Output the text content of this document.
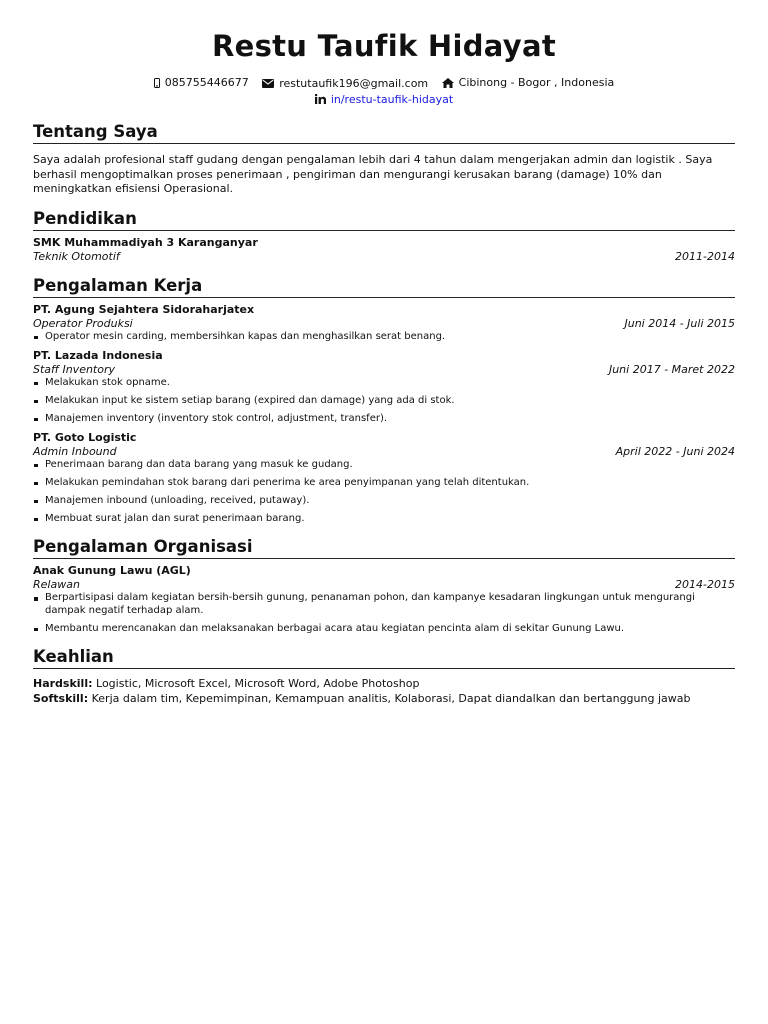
Restu Taufik Hidayat
085755446677
	restutaufik196@gmail.com
	Cibinong - Bogor , Indonesia
in/restu-taufik-hidayat
Tentang Saya
Saya adalah profesional staff gudang dengan pengalaman lebih dari 4 tahun dalam mengerjakan admin dan logistik . Saya berhasil mengoptimalkan proses penerimaan , pengiriman dan mengurangi kerusakan barang (damage) 10% dan meningkatkan efisiensi Operasional.
Pendidikan
SMK Muhammadiyah 3 Karanganyar
Teknik Otomotif	2011-2014
Pengalaman Kerja
PT. Agung Sejahtera Sidoraharjatex
Operator Produksi	Juni 2014 - Juli 2015
Operator mesin carding, membersihkan kapas dan menghasilkan serat benang.
PT. Lazada Indonesia
Staff Inventory	Juni 2017 - Maret 2022
Melakukan stok opname.
Melakukan input ke sistem setiap barang (expired dan damage) yang ada di stok.
Manajemen inventory (inventory stok control, adjustment, transfer).
PT. Goto Logistic
Admin Inbound	April 2022 - Juni 2024
Penerimaan barang dan data barang yang masuk ke gudang.
Melakukan pemindahan stok barang dari penerima ke area penyimpanan yang telah ditentukan.
Manajemen inbound (unloading, received, putaway).
Membuat surat jalan dan surat penerimaan barang.
Pengalaman Organisasi
Anak Gunung Lawu (AGL)
Relawan	2014-2015
Berpartisipasi dalam kegiatan bersih-bersih gunung, penanaman pohon, dan kampanye kesadaran lingkungan untuk mengurangi dampak negatif terhadap alam.
Membantu merencanakan dan melaksanakan berbagai acara atau kegiatan pencinta alam di sekitar Gunung Lawu.
Keahlian
Hardskill: Logistic, Microsoft Excel, Microsoft Word, Adobe Photoshop
Softskill: Kerja dalam tim, Kepemimpinan, Kemampuan analitis, Kolaborasi, Dapat diandalkan dan bertanggung jawab
